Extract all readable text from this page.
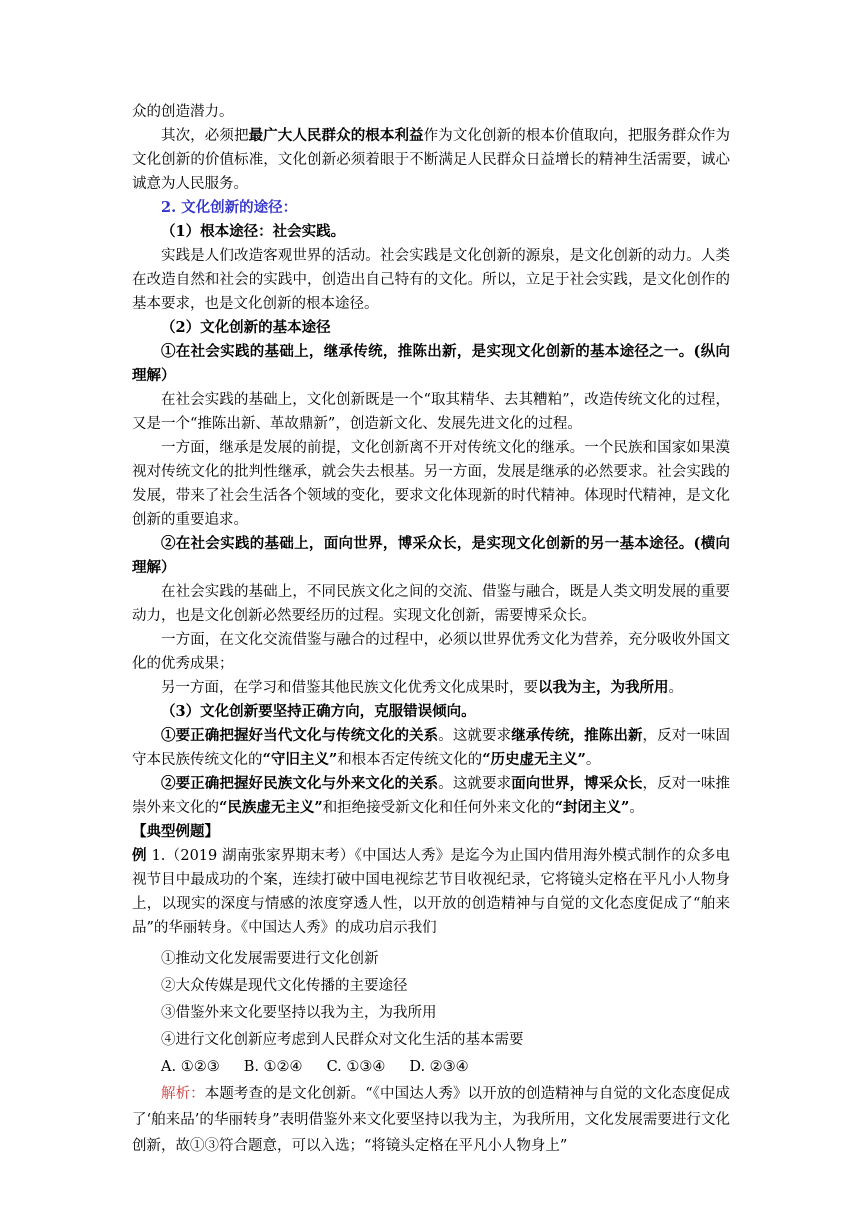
众的创造潜力。

其次，必须把最广大人民群众的根本利益作为文化创新的根本价值取向，把服务群众作为文化创新的价值标准，文化创新必须着眼于不断满足人民群众日益增长的精神生活需要，诚心诚意为人民服务。

2. 文化创新的途径：

（1）根本途径：社会实践。

实践是人们改造客观世界的活动。社会实践是文化创新的源泉，是文化创新的动力。人类在改造自然和社会的实践中，创造出自己特有的文化。所以，立足于社会实践，是文化创作的基本要求，也是文化创新的根本途径。

（2）文化创新的基本途径

①在社会实践的基础上，继承传统，推陈出新，是实现文化创新的基本途径之一。(纵向理解）

在社会实践的基础上，文化创新既是一个“取其精华、去其糟粕”，改造传统文化的过程，又是一个“推陈出新、革故鼎新”，创造新文化、发展先进文化的过程。

一方面，继承是发展的前提，文化创新离不开对传统文化的继承。一个民族和国家如果漠视对传统文化的批判性继承，就会失去根基。另一方面，发展是继承的必然要求。社会实践的发展，带来了社会生活各个领域的变化，要求文化体现新的时代精神。体现时代精神，是文化创新的重要追求。

②在社会实践的基础上，面向世界，博采众长，是实现文化创新的另一基本途径。(横向理解）

在社会实践的基础上，不同民族文化之间的交流、借鉴与融合，既是人类文明发展的重要动力，也是文化创新必然要经历的过程。实现文化创新，需要博采众长。

一方面，在文化交流借鉴与融合的过程中，必须以世界优秀文化为营养，充分吸收外国文化的优秀成果；

另一方面，在学习和借鉴其他民族文化优秀文化成果时，要以我为主，为我所用。

（3）文化创新要坚持正确方向，克服错误倾向。

①要正确把握好当代文化与传统文化的关系。这就要求继承传统，推陈出新，反对一味固守本民族传统文化的“守旧主义”和根本否定传统文化的“历史虚无主义”。

②要正确把握好民族文化与外来文化的关系。这就要求面向世界，博采众长，反对一味推崇外来文化的“民族虚无主义”和拒绝接受新文化和任何外来文化的“封闭主义”。

【典型例题】

例 1.（2019 湖南张家界期末考）《中国达人秀》是迄今为止国内借用海外模式制作的众多电视节目中最成功的个案，连续打破中国电视综艺节目收视纪录，它将镜头定格在平凡小人物身上，以现实的深度与情感的浓度穿透人性，以开放的创造精神与自觉的文化态度促成了“舶来品”的华丽转身。《中国达人秀》的成功启示我们

①推动文化发展需要进行文化创新

②大众传媒是现代文化传播的主要途径

③借鉴外来文化要坚持以我为主，为我所用

④进行文化创新应考虑到人民群众对文化生活的基本需要

A. ①②③ B. ①②④ C. ①③④ D. ②③④

解析：本题考查的是文化创新。“《中国达人秀》以开放的创造精神与自觉的文化态度促成了‘舶来品’的华丽转身”表明借鉴外来文化要坚持以我为主，为我所用，文化发展需要进行文化创新，故①③符合题意，可以入选；“将镜头定格在平凡小人物身上”
